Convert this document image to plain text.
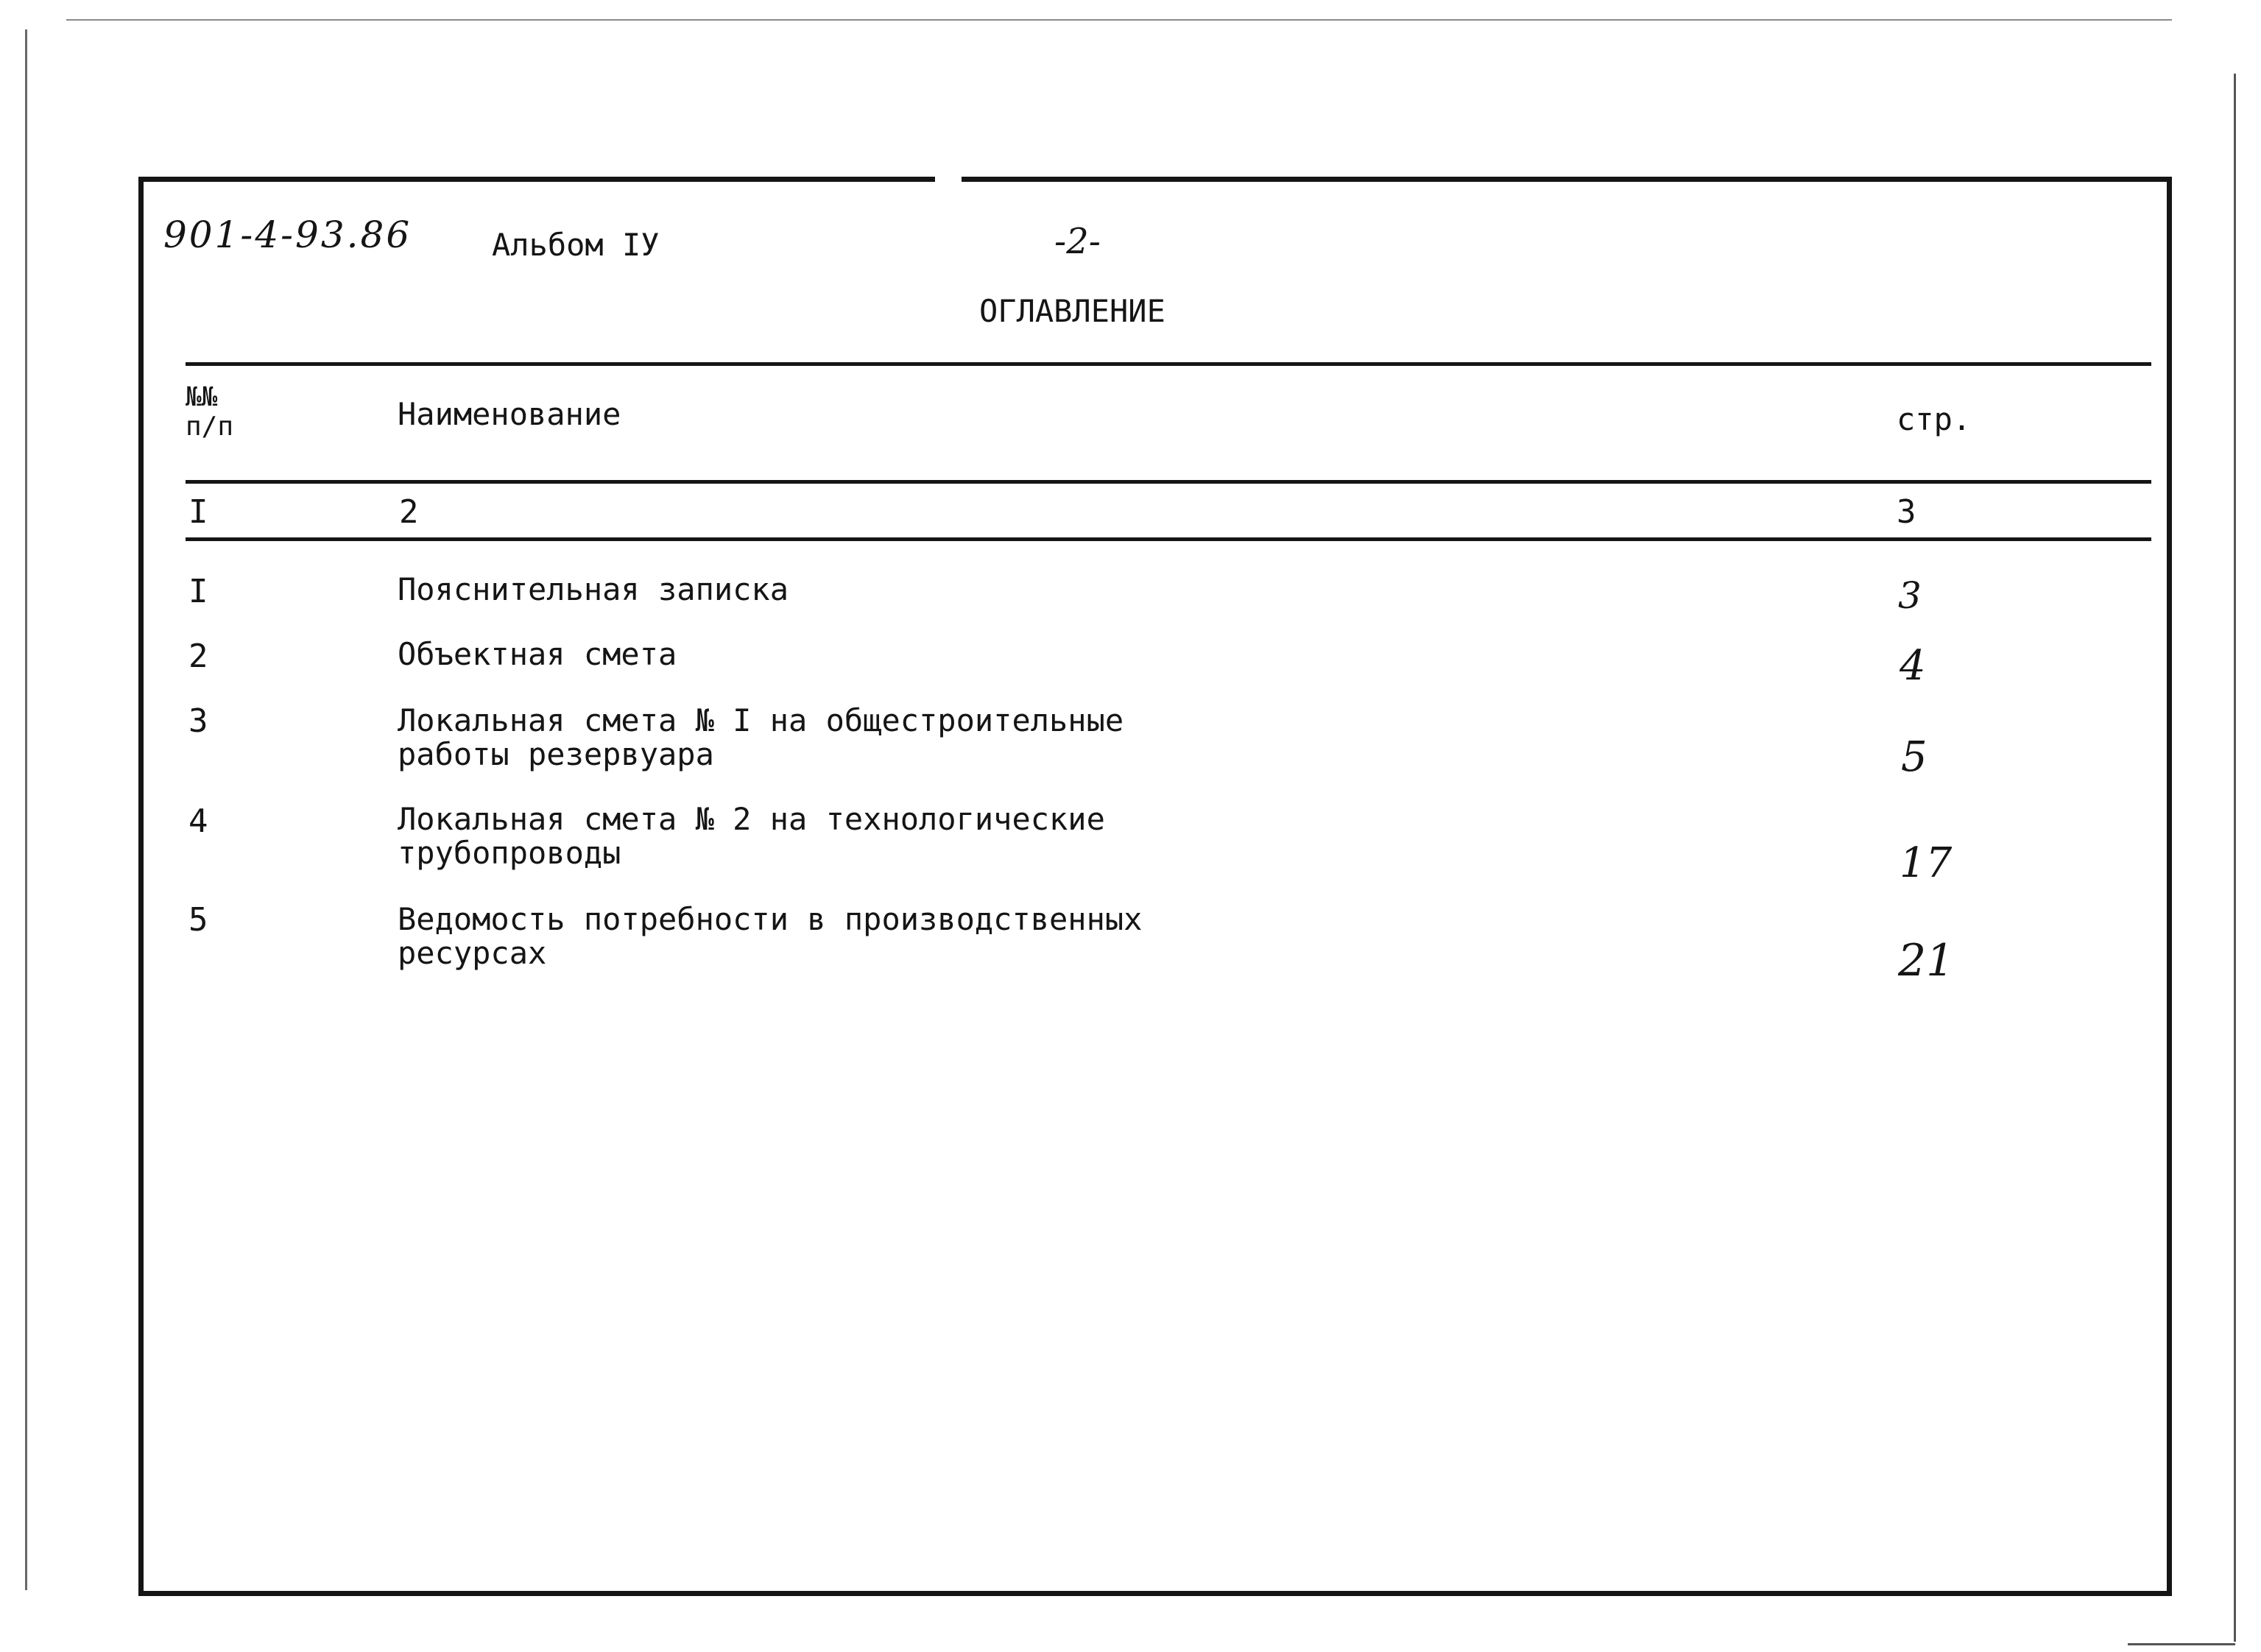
901-4-93.86	Альбом IУ	-2-
ОГЛАВЛЕНИЕ
№№
п/п	Наименование	стр.
I	2	3
I	Пояснительная записка	3
2	Объектная смета	4
3	Локальная смета № I на общестроительные
работы резервуара	5
4	Локальная смета № 2 на технологические
трубопроводы	17
5	Ведомость потребности в производственных
ресурсах	21
